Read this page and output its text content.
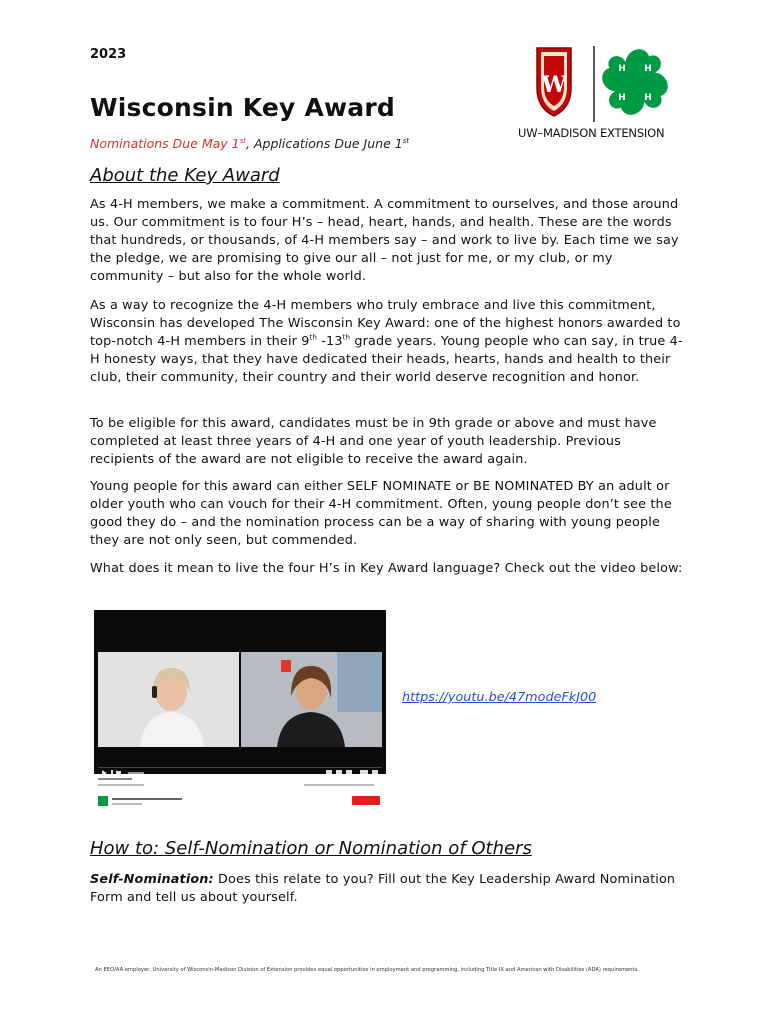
2023
W
H H
H H
UW–MADISON EXTENSION
Wisconsin Key Award
Nominations Due May 1st, Applications Due June 1st
About the Key Award
As 4-H members, we make a commitment. A commitment to ourselves, and those around us. Our commitment is to four H’s – head, heart, hands, and health. These are the words that hundreds, or thousands, of 4-H members say – and work to live by. Each time we say the pledge, we are promising to give our all – not just for me, or my club, or my community – but also for the whole world.
As a way to recognize the 4-H members who truly embrace and live this commitment, Wisconsin has developed The Wisconsin Key Award: one of the highest honors awarded to top-notch 4-H members in their 9th -13th grade years. Young people who can say, in true 4-H honesty ways, that they have dedicated their heads, hearts, hands and health to their club, their community, their country and their world deserve recognition and honor.
To be eligible for this award, candidates must be in 9th grade or above and must have completed at least three years of 4-H and one year of youth leadership. Previous recipients of the award are not eligible to receive the award again.
Young people for this award can either SELF NOMINATE or BE NOMINATED BY an adult or older youth who can vouch for their 4-H commitment. Often, young people don’t see the good they do – and the nomination process can be a way of sharing with young people they are not only seen, but commended.
What does it mean to live the four H’s in Key Award language? Check out the video below:
https://youtu.be/47modeFkJ00
How to: Self-Nomination or Nomination of Others
Self-Nomination: Does this relate to you? Fill out the Key Leadership Award Nomination Form and tell us about yourself.
An EEO/AA employer, University of Wisconsin-Madison Division of Extension provides equal opportunities in employment and programming, including Title IX and American with Disabilities (ADA) requirements.
